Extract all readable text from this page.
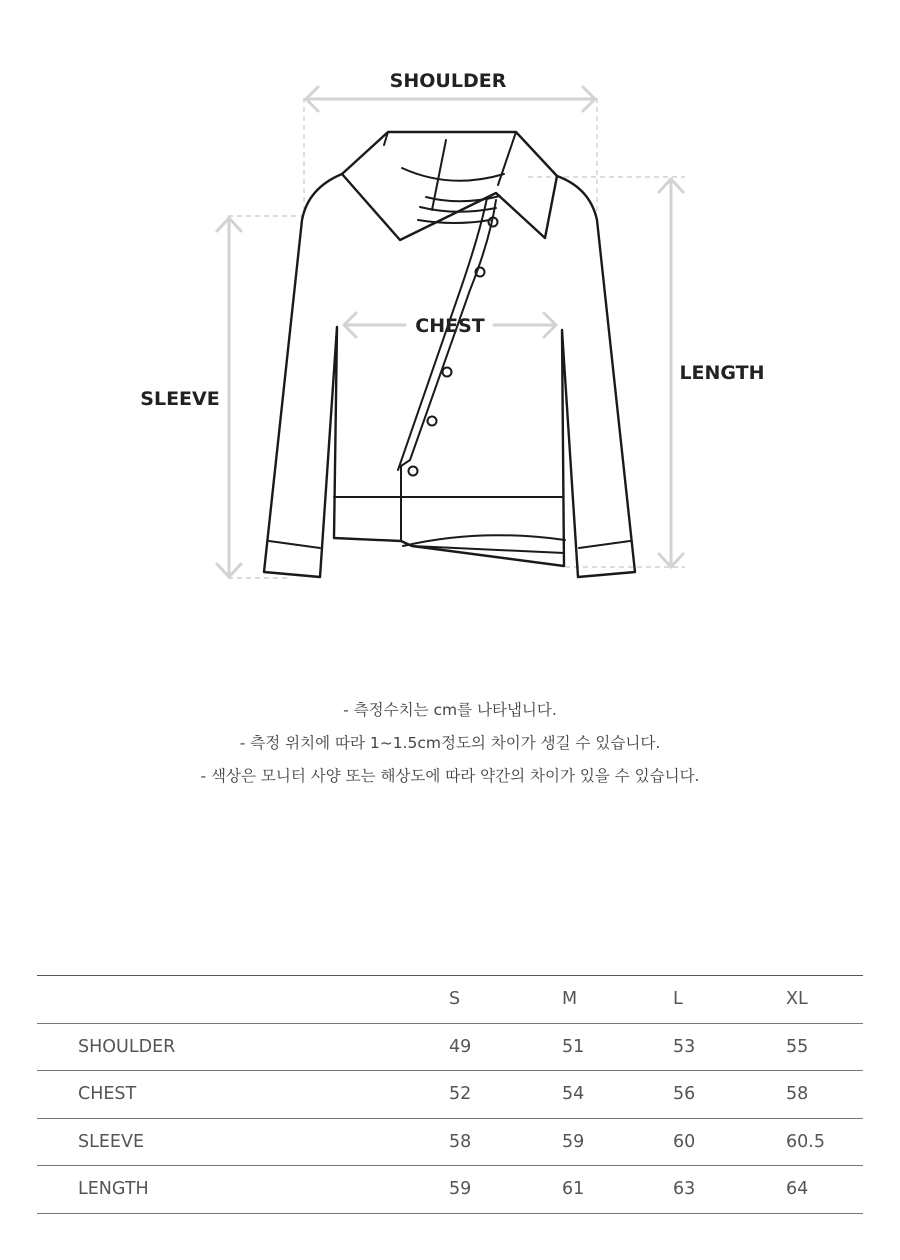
SHOULDER
CHEST
SLEEVE
LENGTH
- 측정수치는 cm를 나타냅니다.
- 측정 위치에 따라 1~1.5cm정도의 차이가 생길 수 있습니다.
- 색상은 모니터 사양 또는 해상도에 따라 약간의 차이가 있을 수 있습니다.
	S	M	L	XL
SHOULDER	49	51	53	55
CHEST	52	54	56	58
SLEEVE	58	59	60	60.5
LENGTH	59	61	63	64
